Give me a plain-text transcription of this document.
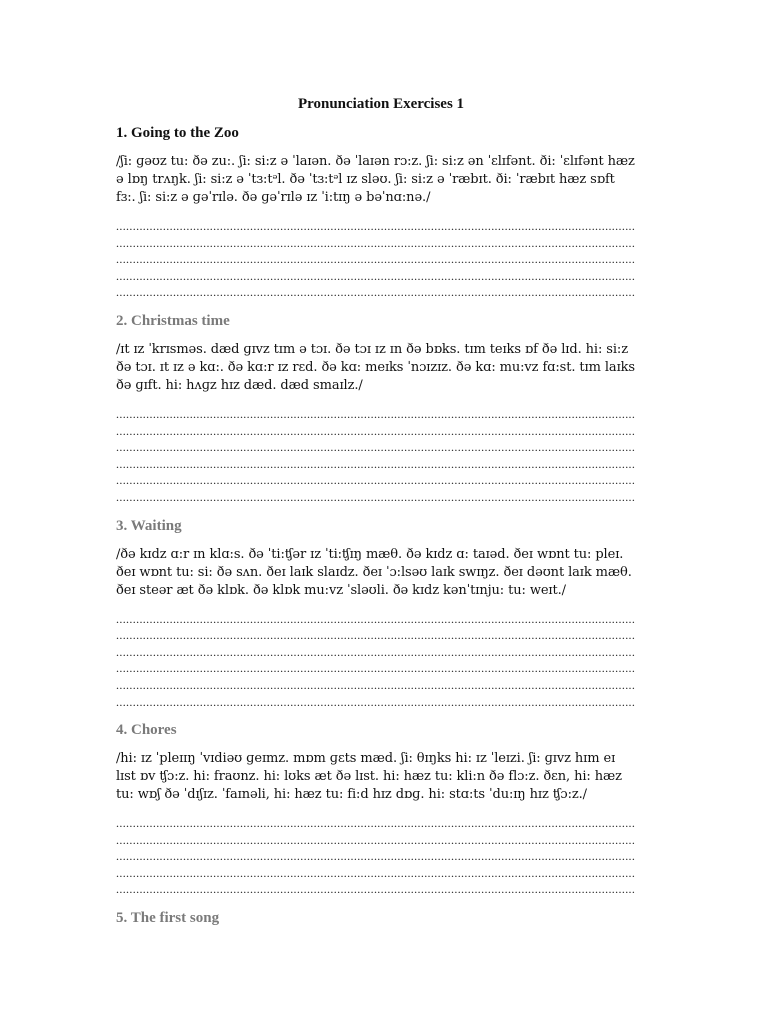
Pronunciation Exercises 1
1. Going to the Zoo
/ʃi: ɡəʊz tu: ðə zu:. ʃi: si:z ə ˈlaɪən. ðə ˈlaɪən rɔ:z. ʃi: si:z ən ˈɛlɪfənt. ði: ˈɛlɪfənt hæz ə lɒŋ trʌŋk. ʃi: si:z ə ˈtɜ:tᵊl. ðə ˈtɜ:tᵊl ɪz sləʊ. ʃi: si:z ə ˈræbɪt. ði: ˈræbɪt hæz sɒft fɜ:. ʃi: si:z ə ɡəˈrɪlə. ðə ɡəˈrɪlə ɪz ˈi:tɪŋ ə bəˈnɑ:nə./
.....
.....
.....
.....
.....
2. Christmas time
/ɪt ɪz ˈkrɪsməs. dæd ɡɪvz tɪm ə tɔɪ. ðə tɔɪ ɪz ɪn ðə bɒks. tɪm teɪks ɒf ðə lɪd. hi: si:z ðə tɔɪ. ɪt ɪz ə kɑ:. ðə kɑ:r ɪz rɛd. ðə kɑ: meɪks ˈnɔɪzɪz. ðə kɑ: mu:vz fɑ:st. tɪm laɪks ðə ɡɪft. hi: hʌɡz hɪz dæd. dæd smaɪlz./
.....
.....
.....
.....
.....
.....
3. Waiting
/ðə kɪdz ɑ:r ɪn klɑ:s. ðə ˈti:ʧər ɪz ˈti:ʧɪŋ mæθ. ðə kɪdz ɑ: taɪəd. ðeɪ wɒnt tu: pleɪ. ðeɪ wɒnt tu: si: ðə sʌn. ðeɪ laɪk slaɪdz. ðeɪ ˈɔ:lsəʊ laɪk swɪŋz. ðeɪ dəʊnt laɪk mæθ. ðeɪ steər æt ðə klɒk. ðə klɒk mu:vz ˈsləʊli. ðə kɪdz kənˈtɪnju: tu: weɪt./
.....
.....
.....
.....
.....
.....
4. Chores
/hi: ɪz ˈpleɪɪŋ ˈvɪdiəʊ ɡeɪmz. mɒm ɡɛts mæd. ʃi: θɪŋks hi: ɪz ˈleɪzi. ʃi: ɡɪvz hɪm eɪ lɪst ɒv ʧɔ:z. hi: fraʊnz. hi: lʊks æt ðə lɪst. hi: hæz tu: kli:n ðə flɔ:z. ðɛn, hi: hæz tu: wɒʃ ðə ˈdɪʃɪz. ˈfaɪnəli, hi: hæz tu: fi:d hɪz dɒɡ. hi: stɑ:ts ˈdu:ɪŋ hɪz ʧɔ:z./
.....
.....
.....
.....
.....
5. The first song
